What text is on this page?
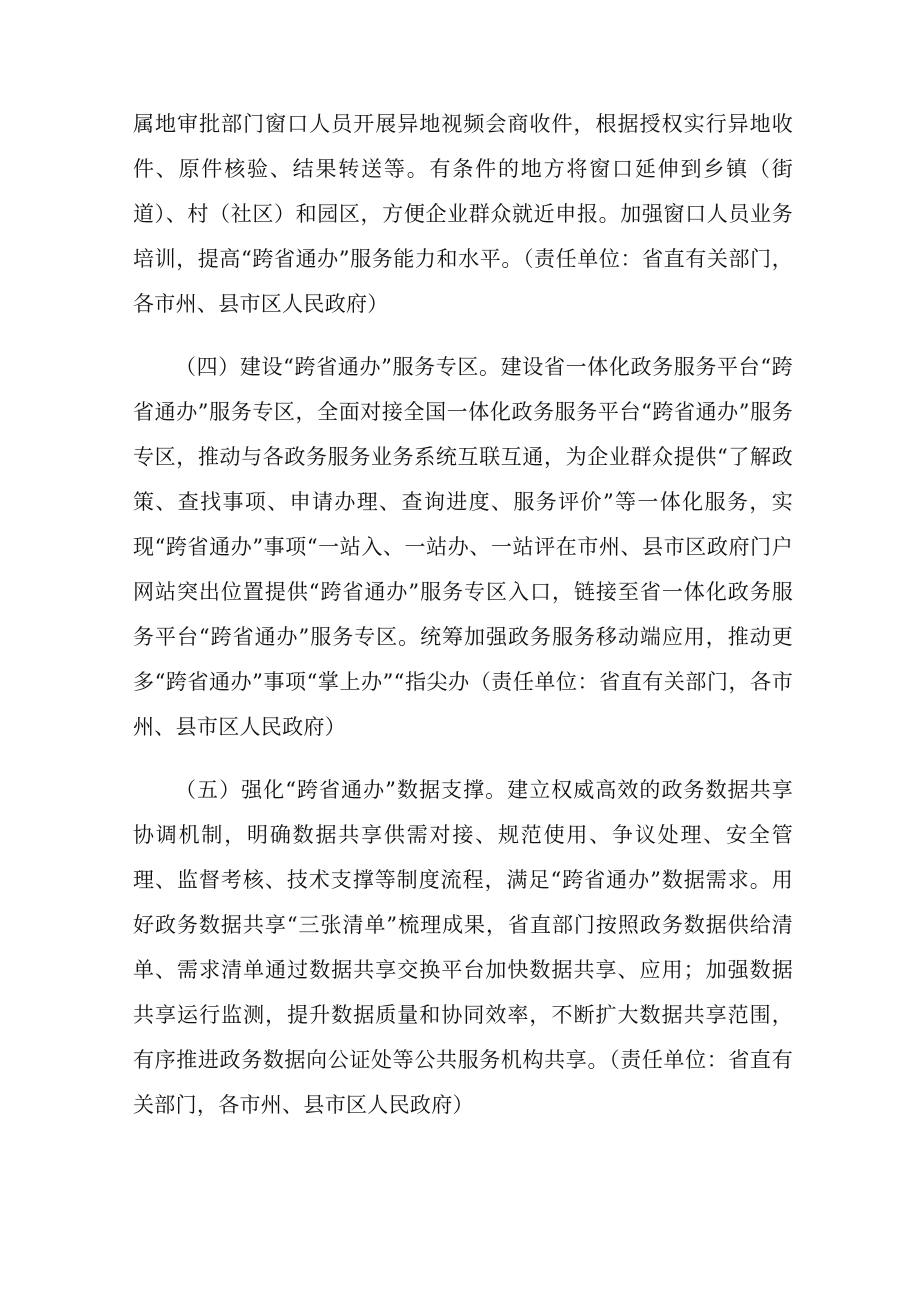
属地审批部门窗口人员开展异地视频会商收件，根据授权实行异地收件、原件核验、结果转送等。有条件的地方将窗口延伸到乡镇（街道）、村（社区）和园区，方便企业群众就近申报。加强窗口人员业务培训，提高“跨省通办”服务能力和水平。（责任单位：省直有关部门，各市州、县市区人民政府）

（四）建设“跨省通办”服务专区。建设省一体化政务服务平台“跨省通办”服务专区，全面对接全国一体化政务服务平台“跨省通办”服务专区，推动与各政务服务业务系统互联互通，为企业群众提供“了解政策、查找事项、申请办理、查询进度、服务评价”等一体化服务，实现“跨省通办”事项“一站入、一站办、一站评在市州、县市区政府门户网站突出位置提供“跨省通办”服务专区入口，链接至省一体化政务服务平台“跨省通办”服务专区。统筹加强政务服务移动端应用，推动更多“跨省通办”事项“掌上办”“指尖办（责任单位：省直有关部门，各市州、县市区人民政府）

（五）强化“跨省通办”数据支撑。建立权威高效的政务数据共享协调机制，明确数据共享供需对接、规范使用、争议处理、安全管理、监督考核、技术支撑等制度流程，满足“跨省通办”数据需求。用好政务数据共享“三张清单”梳理成果，省直部门按照政务数据供给清单、需求清单通过数据共享交换平台加快数据共享、应用；加强数据共享运行监测，提升数据质量和协同效率，不断扩大数据共享范围，有序推进政务数据向公证处等公共服务机构共享。（责任单位：省直有关部门，各市州、县市区人民政府）
